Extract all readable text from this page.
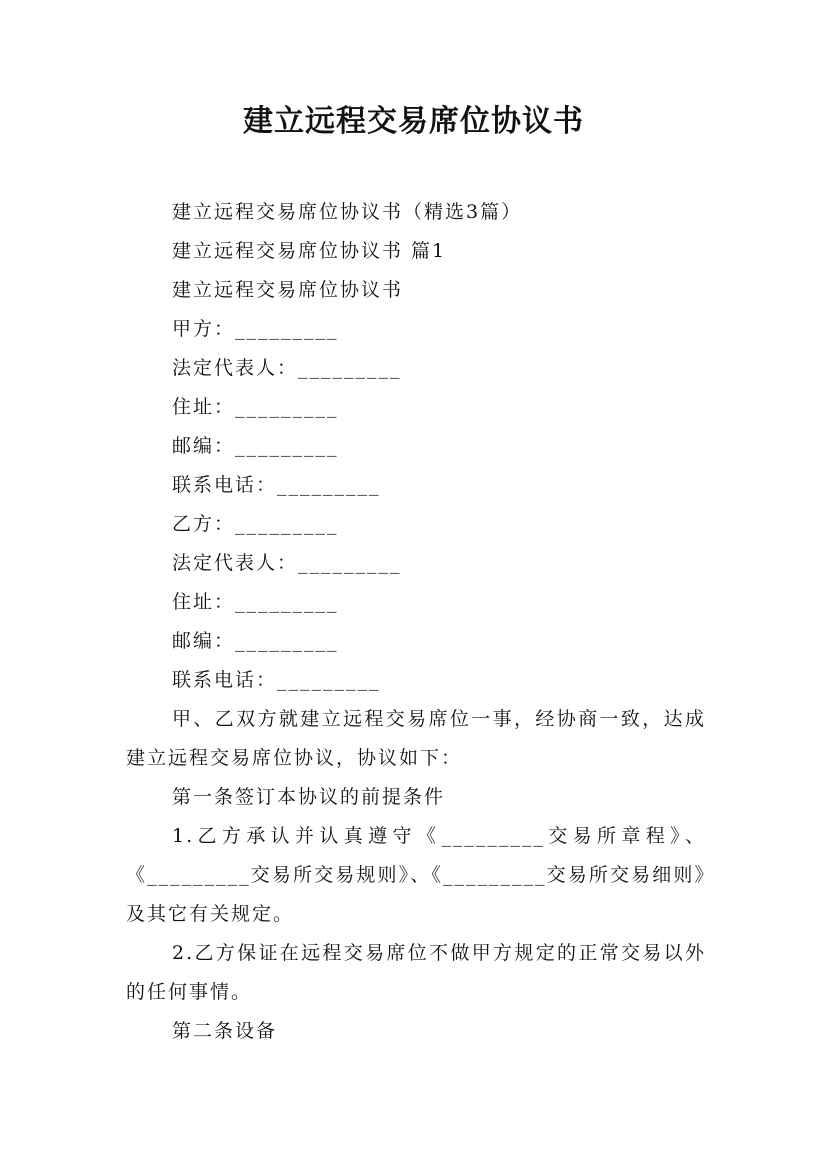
建立远程交易席位协议书
建立远程交易席位协议书（精选3篇）
建立远程交易席位协议书 篇1
建立远程交易席位协议书
甲方：_________
法定代表人：_________
住址：_________
邮编：_________
联系电话：_________
乙方：_________
法定代表人：_________
住址：_________
邮编：_________
联系电话：_________
甲、乙双方就建立远程交易席位一事，经协商一致，达成建立远程交易席位协议，协议如下：
第一条签订本协议的前提条件
1.乙方承认并认真遵守《_________交易所章程》、《_________交易所交易规则》、《_________交易所交易细则》及其它有关规定。
2.乙方保证在远程交易席位不做甲方规定的正常交易以外的任何事情。
第二条设备
